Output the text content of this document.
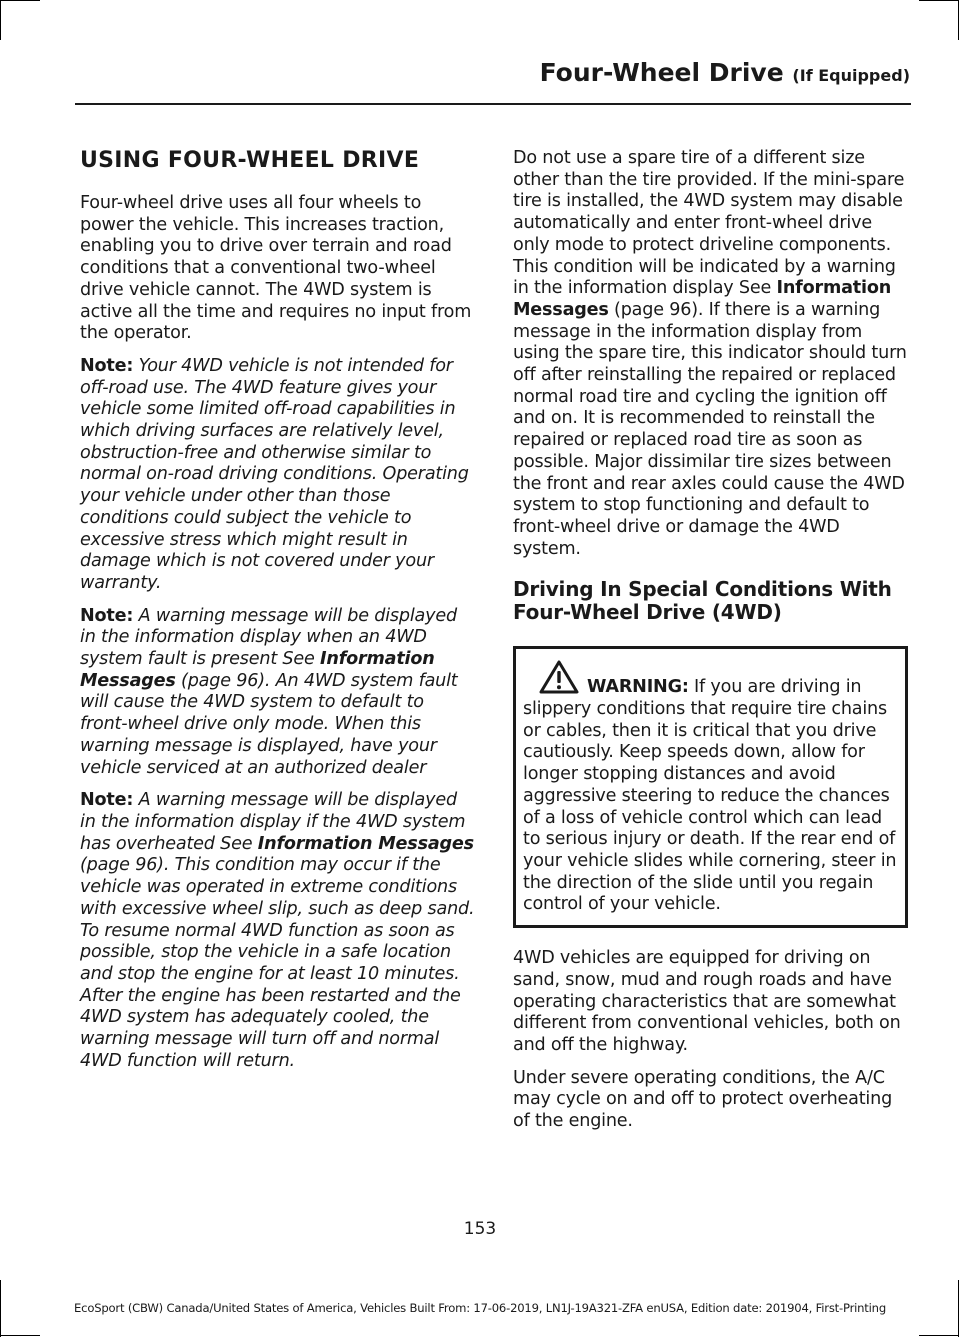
Four-Wheel Drive (If Equipped)
USING FOUR-WHEEL DRIVE

Four-wheel drive uses all four wheels to power the vehicle. This increases traction, enabling you to drive over terrain and road conditions that a conventional two-wheel drive vehicle cannot. The 4WD system is active all the time and requires no input from the operator.

Note: Your 4WD vehicle is not intended for off-road use. The 4WD feature gives your vehicle some limited off-road capabilities in which driving surfaces are relatively level, obstruction-free and otherwise similar to normal on-road driving conditions. Operating your vehicle under other than those conditions could subject the vehicle to excessive stress which might result in damage which is not covered under your warranty.

Note: A warning message will be displayed in the information display when an 4WD system fault is present See Information Messages (page 96). An 4WD system fault will cause the 4WD system to default to front-wheel drive only mode. When this warning message is displayed, have your vehicle serviced at an authorized dealer

Note: A warning message will be displayed in the information display if the 4WD system has overheated See Information Messages (page 96). This condition may occur if the vehicle was operated in extreme conditions with excessive wheel slip, such as deep sand. To resume normal 4WD function as soon as possible, stop the vehicle in a safe location and stop the engine for at least 10 minutes. After the engine has been restarted and the 4WD system has adequately cooled, the warning message will turn off and normal 4WD function will return.

Do not use a spare tire of a different size other than the tire provided. If the mini-spare tire is installed, the 4WD system may disable automatically and enter front-wheel drive only mode to protect driveline components. This condition will be indicated by a warning in the information display See Information Messages (page 96). If there is a warning message in the information display from using the spare tire, this indicator should turn off after reinstalling the repaired or replaced normal road tire and cycling the ignition off and on. It is recommended to reinstall the repaired or replaced road tire as soon as possible. Major dissimilar tire sizes between the front and rear axles could cause the 4WD system to stop functioning and default to front-wheel drive or damage the 4WD system.

Driving In Special Conditions With Four-Wheel Drive (4WD)
WARNING: If you are driving in slippery conditions that require tire chains or cables, then it is critical that you drive cautiously. Keep speeds down, allow for longer stopping distances and avoid aggressive steering to reduce the chances of a loss of vehicle control which can lead to serious injury or death. If the rear end of your vehicle slides while cornering, steer in the direction of the slide until you regain control of your vehicle.

4WD vehicles are equipped for driving on sand, snow, mud and rough roads and have operating characteristics that are somewhat different from conventional vehicles, both on and off the highway.

Under severe operating conditions, the A/C may cycle on and off to protect overheating of the engine.

153
EcoSport (CBW) Canada/United States of America, Vehicles Built From: 17-06-2019, LN1J-19A321-ZFA enUSA, Edition date: 201904, First-Printing
